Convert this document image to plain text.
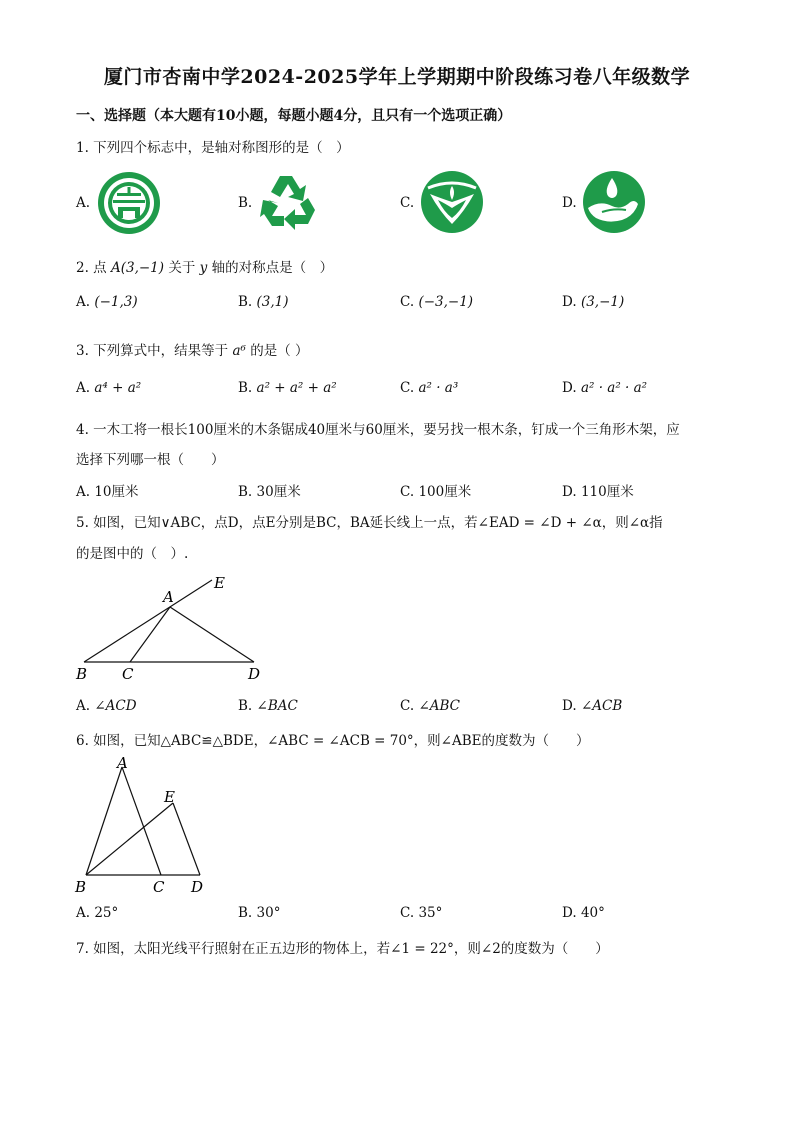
厦门市杏南中学2024-2025学年上学期期中阶段练习卷八年级数学
一、选择题（本大题有10小题，每题小题4分，且只有一个选项正确）
1. 下列四个标志中，是轴对称图形的是（　）
A.	B.	C.	D.
2. 点 A(3,−1) 关于 y 轴的对称点是（　）
A. (−1,3)	B. (3,1)	C. (−3,−1)	D. (3,−1)
3. 下列算式中，结果等于 a⁶ 的是（ ）
A. a⁴ + a²	B. a² + a² + a²	C. a² · a³	D. a² · a² · a²
4. 一木工将一根长100厘米的木条锯成40厘米与60厘米，要另找一根木条，钉成一个三角形木架，应
选择下列哪一根（　　）
A. 10厘米	B. 30厘米	C. 100厘米	D. 110厘米
5. 如图，已知∨ABC，点D，点E分别是BC，BA延长线上一点，若∠EAD = ∠D + ∠α，则∠α指
的是图中的（　）.
A
B C	D
E
A. ∠ACD	B. ∠BAC	C. ∠ABC	D. ∠ACB
6. 如图，已知△ABC≌△BDE，∠ABC = ∠ACB = 70°，则∠ABE的度数为（　　）
A
B	C D
E
A. 25°	B. 30°	C. 35°	D. 40°
7. 如图，太阳光线平行照射在正五边形的物体上，若∠1 = 22°，则∠2的度数为（　　）
